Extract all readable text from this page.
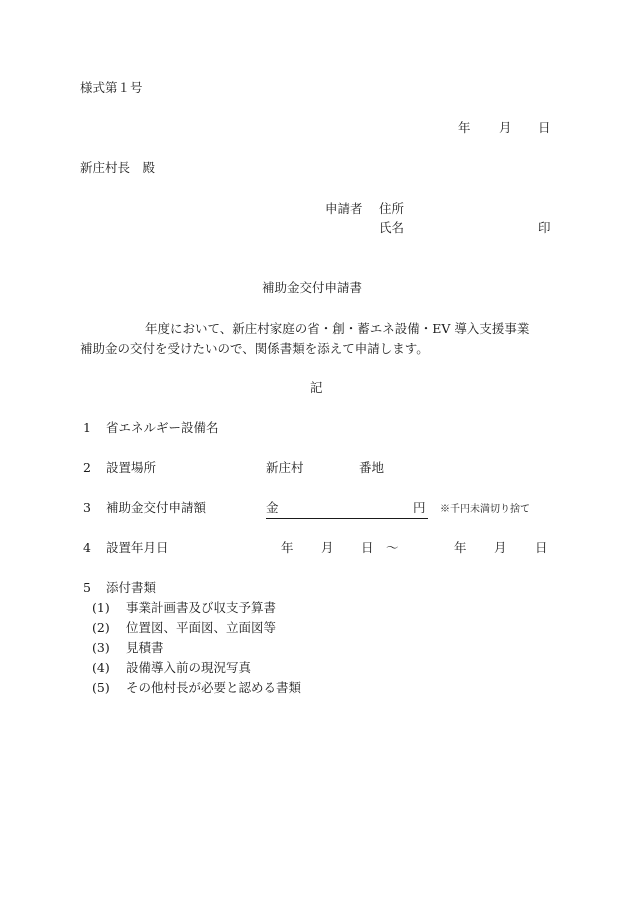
様式第１号
年 月 日
新庄村長　殿
申請者 住所
氏名	印
補助金交付申請書
年度において、新庄村家庭の省・創・蓄エネ設備・EV 導入支援事業
補助金の交付を受けたいので、関係書類を添えて申請します。
記
1 省エネルギー設備名
2 設置場所	新庄村	番地
3 補助金交付申請額	金	円 ※千円未満切り捨て
4 設置年月日	年 月 日 ～	年 月 日
5 添付書類
(1) 事業計画書及び収支予算書
(2) 位置図、平面図、立面図等
(3) 見積書
(4) 設備導入前の現況写真
(5) その他村長が必要と認める書類
